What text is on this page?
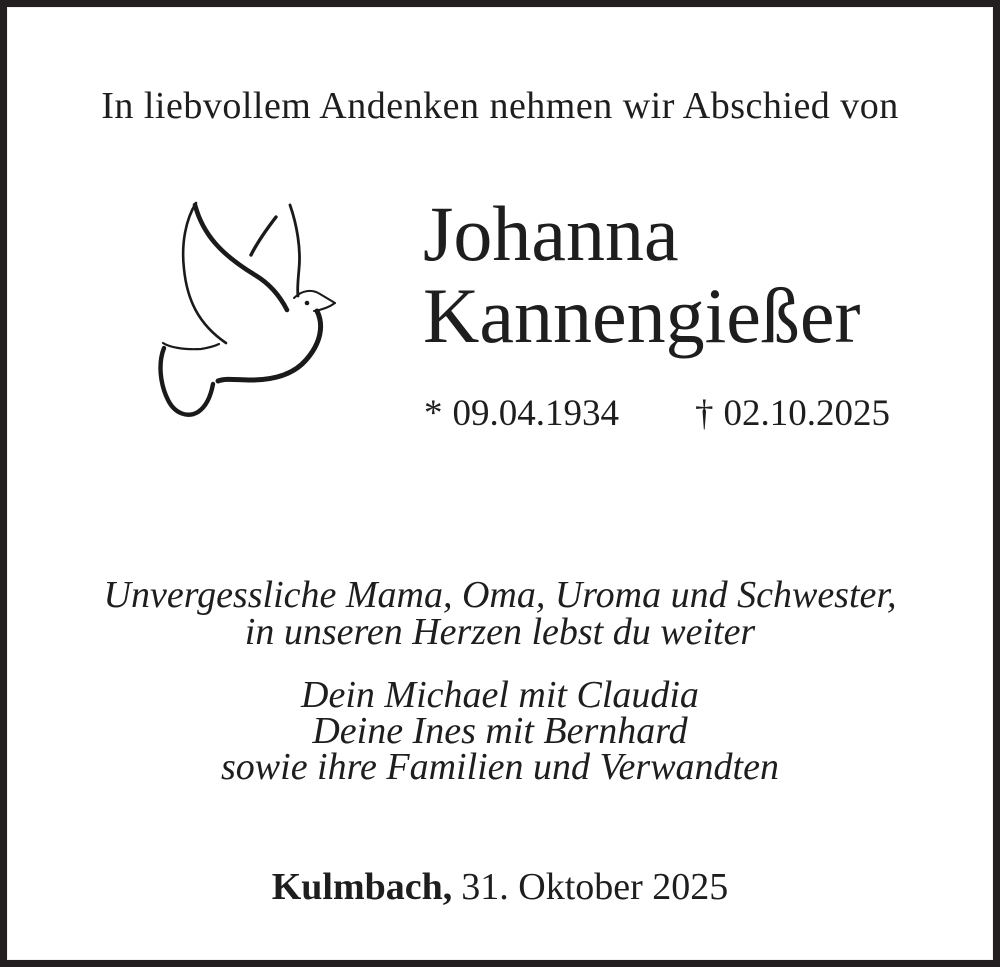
In liebvollem Andenken nehmen wir Abschied von
Johanna
Kannengießer
* 09.04.1934 † 02.10.2025
Unvergessliche Mama, Oma, Uroma und Schwester,
in unseren Herzen lebst du weiter
Dein Michael mit Claudia
Deine Ines mit Bernhard
sowie ihre Familien und Verwandten
Kulmbach, 31. Oktober 2025
